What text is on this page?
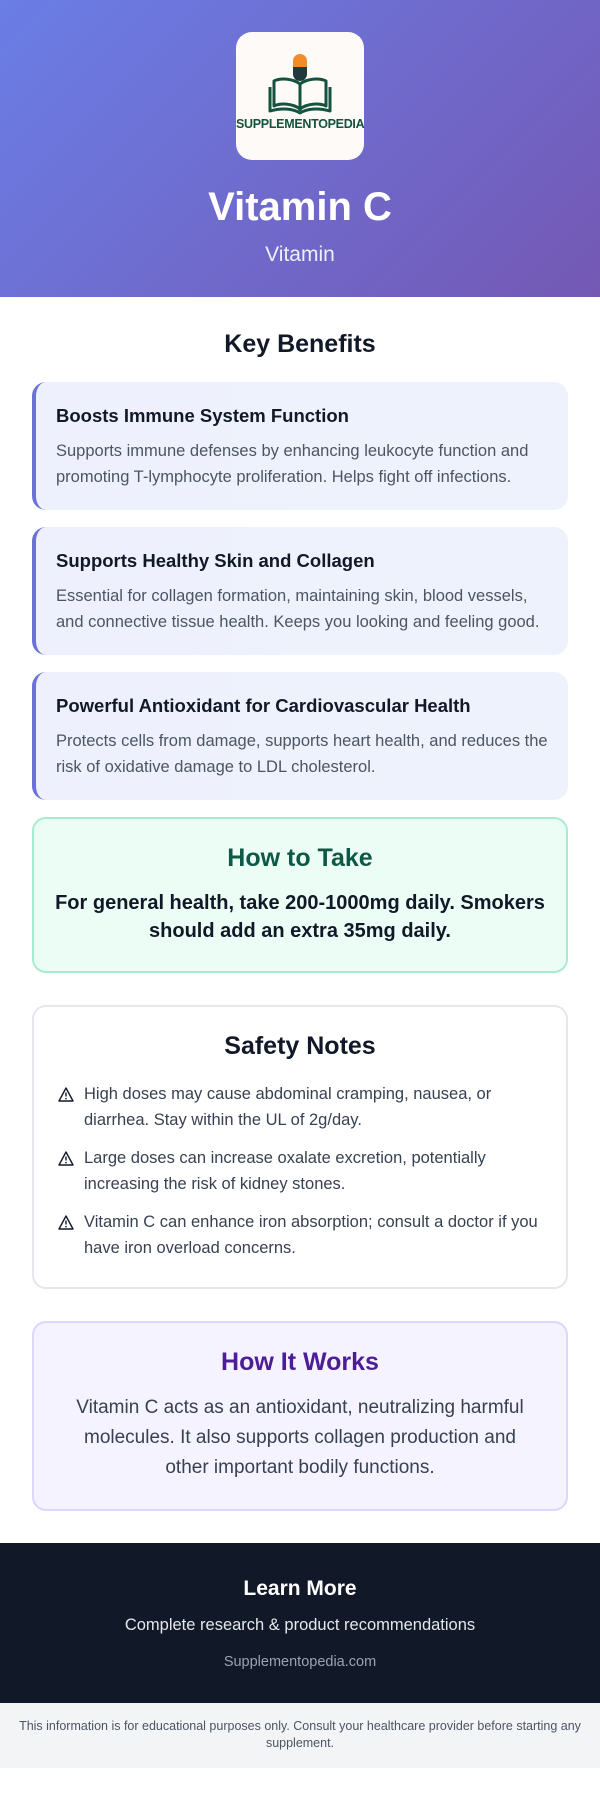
SUPPLEMENTOPEDIA
Vitamin C
Vitamin
Key Benefits
Boosts Immune System Function
Supports immune defenses by enhancing leukocyte function and promoting T-lymphocyte proliferation. Helps fight off infections.
Supports Healthy Skin and Collagen
Essential for collagen formation, maintaining skin, blood vessels, and connective tissue health. Keeps you looking and feeling good.
Powerful Antioxidant for Cardiovascular Health
Protects cells from damage, supports heart health, and reduces the risk of oxidative damage to LDL cholesterol.
How to Take

For general health, take 200-1000mg daily. Smokers should add an extra 35mg daily.

Safety Notes
High doses may cause abdominal cramping, nausea, or diarrhea. Stay within the UL of 2g/day.
Large doses can increase oxalate excretion, potentially increasing the risk of kidney stones.
Vitamin C can enhance iron absorption; consult a doctor if you have iron overload concerns.
How It Works

Vitamin C acts as an antioxidant, neutralizing harmful molecules. It also supports collagen production and other important bodily functions.

Learn More
Complete research & product recommendations
Supplementopedia.com
This information is for educational purposes only. Consult your healthcare provider before starting any supplement.
